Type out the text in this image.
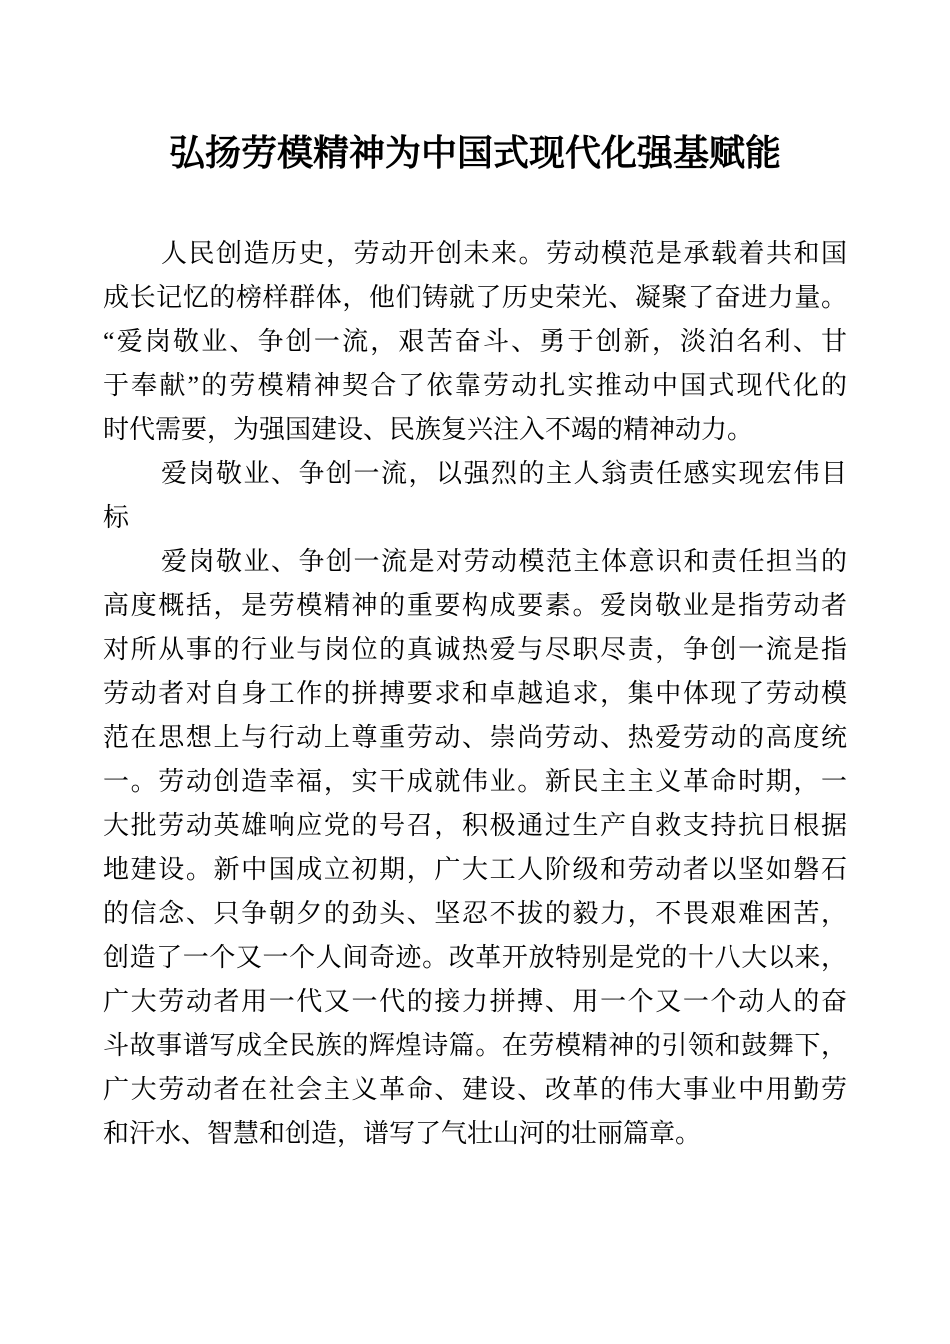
弘扬劳模精神为中国式现代化强基赋能
人民创造历史，劳动开创未来。劳动模范是承载着共和国
成长记忆的榜样群体，他们铸就了历史荣光、凝聚了奋进力量。
“爱岗敬业、争创一流，艰苦奋斗、勇于创新，淡泊名利、甘
于奉献”的劳模精神契合了依靠劳动扎实推动中国式现代化的
时代需要，为强国建设、民族复兴注入不竭的精神动力。
爱岗敬业、争创一流，以强烈的主人翁责任感实现宏伟目
标
爱岗敬业、争创一流是对劳动模范主体意识和责任担当的
高度概括，是劳模精神的重要构成要素。爱岗敬业是指劳动者
对所从事的行业与岗位的真诚热爱与尽职尽责，争创一流是指
劳动者对自身工作的拼搏要求和卓越追求，集中体现了劳动模
范在思想上与行动上尊重劳动、崇尚劳动、热爱劳动的高度统
一。劳动创造幸福，实干成就伟业。新民主主义革命时期，一
大批劳动英雄响应党的号召，积极通过生产自救支持抗日根据
地建设。新中国成立初期，广大工人阶级和劳动者以坚如磐石
的信念、只争朝夕的劲头、坚忍不拔的毅力，不畏艰难困苦，
创造了一个又一个人间奇迹。改革开放特别是党的十八大以来，
广大劳动者用一代又一代的接力拼搏、用一个又一个动人的奋
斗故事谱写成全民族的辉煌诗篇。在劳模精神的引领和鼓舞下，
广大劳动者在社会主义革命、建设、改革的伟大事业中用勤劳
和汗水、智慧和创造，谱写了气壮山河的壮丽篇章。
